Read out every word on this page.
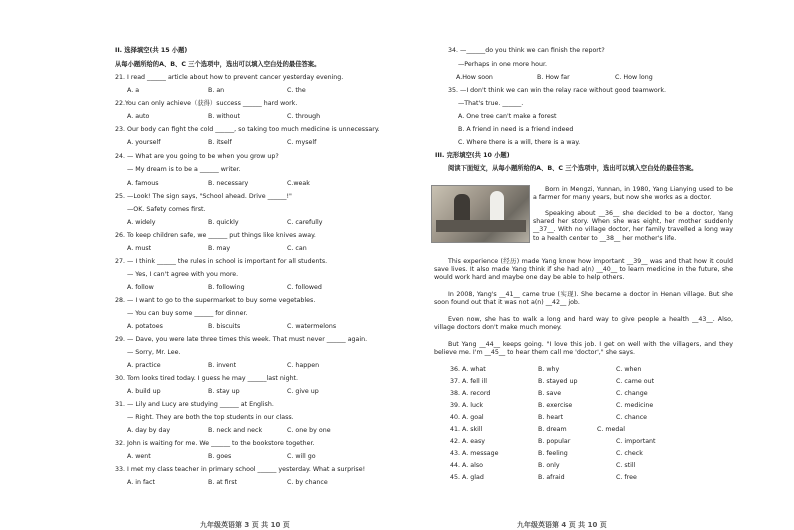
II. 选择填空(共 15 小题)
从每小题所给的A、B、C 三个选项中，选出可以填入空白处的最佳答案。
21. I read ______ article about how to prevent cancer yesterday evening.
A. a	B. an	C. the
22.You can only achieve（获得）success ______ hard work.
A. auto	B. without	C. through
23. Our body can fight the cold ______, so taking too much medicine is unnecessary.
A. yourself	B. itself	C. myself
24. — What are you going to be when you grow up?
— My dream is to be a ______ writer.
A. famous	B. necessary	C.weak
25. —Look! The sign says, "School ahead. Drive ______!"
—OK. Safety comes first.
A. widely	B. quickly	C. carefully
26. To keep children safe, we ______ put things like knives away.
A. must	B. may	C. can
27. — I think ______ the rules in school is important for all students.
— Yes, I can't agree with you more.
A. follow	B. following	C. followed
28. — I want to go to the supermarket to buy some vegetables.
— You can buy some ______ for dinner.
A. potatoes	B. biscuits	C. watermelons
29. — Dave, you were late three times this week. That must never ______ again.
— Sorry, Mr. Lee.
A. practice	B. invent	C. happen
30. Tom looks tired today. I guess he may ______last night.
A. build up	B. stay up	C. give up
31. — Lily and Lucy are studying ______ at English.
— Right. They are both the top students in our class.
A. day by day	B. neck and neck	C. one by one
32. John is waiting for me. We ______ to the bookstore together.
A. went	B. goes	C. will go
33. I met my class teacher in primary school ______ yesterday. What a surprise!
A. in fact	B. at first	C. by chance
九年级英语第 3 页 共 10 页
34. —______do you think we can finish the report?
—Perhaps in one more hour.
A.How soon	B. How far	C. How long
35. —I don't think we can win the relay race without good teamwork.
—That's true. ______.
A. One tree can't make a forest
B. A friend in need is a friend indeed
C. Where there is a will, there is a way.
III. 完形填空(共 10 小题)
阅读下面短文，从每小题所给的A、B、C 三个选项中，选出可以填入空白处的最佳答案。
Born in Mengzi, Yunnan, in 1980, Yang Lianying used to be a farmer for many years, but now she works as a doctor.
Speaking about __36__ she decided to be a doctor, Yang shared her story. When she was eight, her mother suddenly __37__. With no village doctor, her family travelled a long way to a health center to __38__ her mother's life.
This experience (经历) made Yang know how important __39__ was and that how it could save lives. It also made Yang think if she had a(n) __40__ to learn medicine in the future, she would work hard and maybe one day be able to help others.
In 2008, Yang's __41__ came true (实现). She became a doctor in Henan village. But she soon found out that it was not a(n) __42__ job.
Even now, she has to walk a long and hard way to give people a health __43__. Also, village doctors don't make much money.
But Yang __44__ keeps going. "I love this job. I get on well with the villagers, and they believe me. I'm __45__ to hear them call me 'doctor'," she says.
36. A. what	B. why	C. when
37. A. fell ill	B. stayed up	C. came out
38. A. record	B. save	C. change
39. A. luck	B. exercise	C. medicine
40. A. goal	B. heart	C. chance
41. A. skill	B. dream	C. medal
42. A. easy	B. popular	C. important
43. A. message	B. feeling	C. check
44. A. also	B. only	C. still
45. A. glad	B. afraid	C. free
九年级英语第 4 页 共 10 页
